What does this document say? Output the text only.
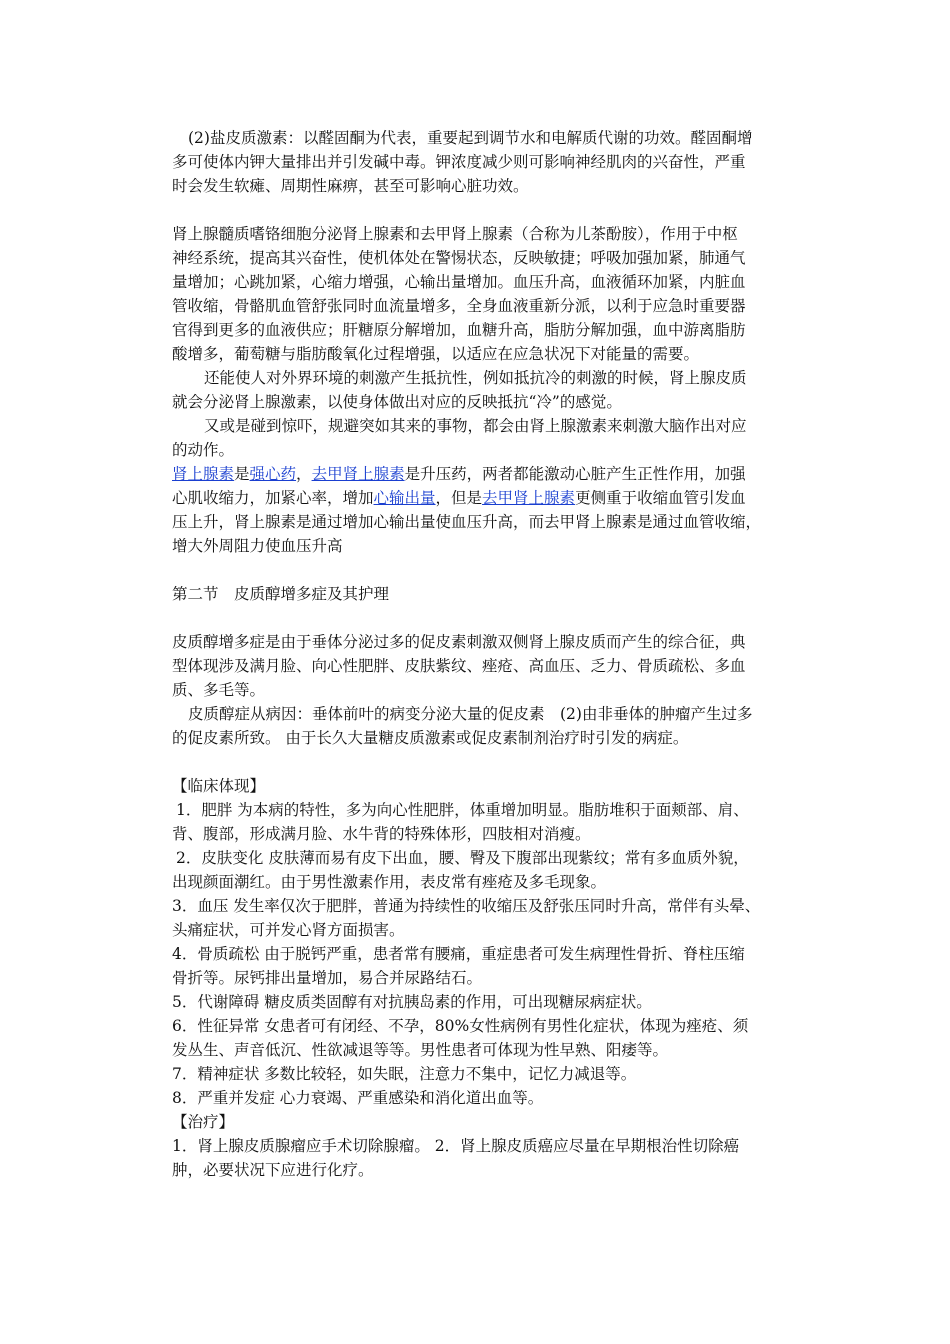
(2)盐皮质激素：以醛固酮为代表，重要起到调节水和电解质代谢的功效。醛固酮增
多可使体内钾大量排出并引发碱中毒。钾浓度减少则可影响神经肌肉的兴奋性，严重
时会发生软瘫、周期性麻痹，甚至可影响心脏功效。
肾上腺髓质嗜铬细胞分泌肾上腺素和去甲肾上腺素（合称为儿茶酚胺），作用于中枢
神经系统，提高其兴奋性，使机体处在警惕状态，反映敏捷；呼吸加强加紧，肺通气
量增加；心跳加紧，心缩力增强，心输出量增加。血压升高，血液循环加紧，内脏血
管收缩，骨骼肌血管舒张同时血流量增多，全身血液重新分派，以利于应急时重要器
官得到更多的血液供应；肝糖原分解增加，血糖升高，脂肪分解加强，血中游离脂肪
酸增多，葡萄糖与脂肪酸氧化过程增强，以适应在应急状况下对能量的需要。
还能使人对外界环境的刺激产生抵抗性，例如抵抗冷的刺激的时候，肾上腺皮质
就会分泌肾上腺激素，以使身体做出对应的反映抵抗“冷”的感觉。
又或是碰到惊吓，规避突如其来的事物，都会由肾上腺激素来刺激大脑作出对应
的动作。
肾上腺素是强心药，去甲肾上腺素是升压药，两者都能激动心脏产生正性作用，加强
心肌收缩力，加紧心率，增加心输出量，但是去甲肾上腺素更侧重于收缩血管引发血
压上升，肾上腺素是通过增加心输出量使血压升高，而去甲肾上腺素是通过血管收缩，
增大外周阻力使血压升高
第二节　皮质醇增多症及其护理
皮质醇增多症是由于垂体分泌过多的促皮素刺激双侧肾上腺皮质而产生的综合征，典
型体现涉及满月脸、向心性肥胖、皮肤紫纹、痤疮、高血压、乏力、骨质疏松、多血
质、多毛等。
皮质醇症从病因：垂体前叶的病变分泌大量的促皮素　(2)由非垂体的肿瘤产生过多
的促皮素所致。 由于长久大量糖皮质激素或促皮素制剂治疗时引发的病症。
【临床体现】
1．肥胖 为本病的特性，多为向心性肥胖，体重增加明显。脂肪堆积于面颊部、肩、
背、腹部，形成满月脸、水牛背的特殊体形，四肢相对消瘦。
2．皮肤变化 皮肤薄而易有皮下出血，腰、臀及下腹部出现紫纹；常有多血质外貌，
出现颜面潮红。由于男性激素作用，表皮常有痤疮及多毛现象。
3．血压 发生率仅次于肥胖，普通为持续性的收缩压及舒张压同时升高，常伴有头晕、
头痛症状，可并发心肾方面损害。
4．骨质疏松 由于脱钙严重，患者常有腰痛，重症患者可发生病理性骨折、脊柱压缩
骨折等。尿钙排出量增加，易合并尿路结石。
5．代谢障碍 糖皮质类固醇有对抗胰岛素的作用，可出现糖尿病症状。
6．性征异常 女患者可有闭经、不孕，80%女性病例有男性化症状，体现为痤疮、须
发丛生、声音低沉、性欲减退等等。男性患者可体现为性早熟、阳痿等。
7．精神症状 多数比较轻，如失眠，注意力不集中，记忆力减退等。
8．严重并发症 心力衰竭、严重感染和消化道出血等。
【治疗】
1．肾上腺皮质腺瘤应手术切除腺瘤。 2．肾上腺皮质癌应尽量在早期根治性切除癌
肿，必要状况下应进行化疗。
